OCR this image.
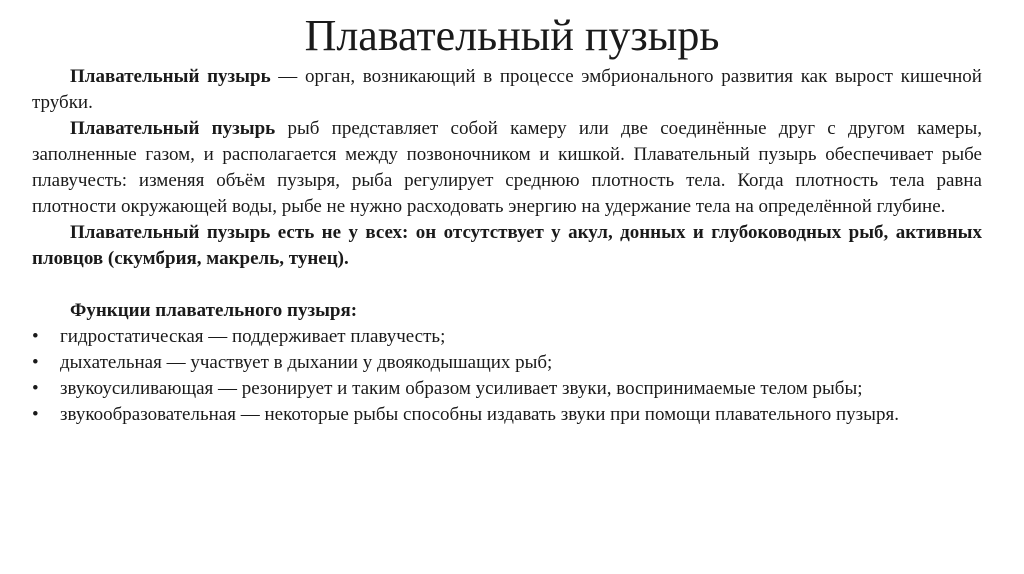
Плавательный пузырь

Плавательный пузырь — орган, возникающий в процессе эмбрионального развития как вырост кишечной трубки.

Плавательный пузырь рыб представляет собой камеру или две соединённые друг с другом камеры, заполненные газом, и располагается между позвоночником и кишкой. Плавательный пузырь обеспечивает рыбе плавучесть: изменяя объём пузыря, рыба регулирует среднюю плотность тела. Когда плотность тела равна плотности окружающей воды, рыбе не нужно расходовать энергию на удержание тела на определённой глубине.

Плавательный пузырь есть не у всех: он отсутствует у акул, донных и глубоководных рыб, активных пловцов (скумбрия, макрель, тунец).

Функции плавательного пузыря:

•	гидростатическая — поддерживает плавучесть;
•	дыхательная — участвует в дыхании у двоякодышащих рыб;
•	звукоусиливающая — резонирует и таким образом усиливает звуки, воспринимаемые телом рыбы;
•	звукообразовательная — некоторые рыбы способны издавать звуки при помощи плавательного пузыря.
